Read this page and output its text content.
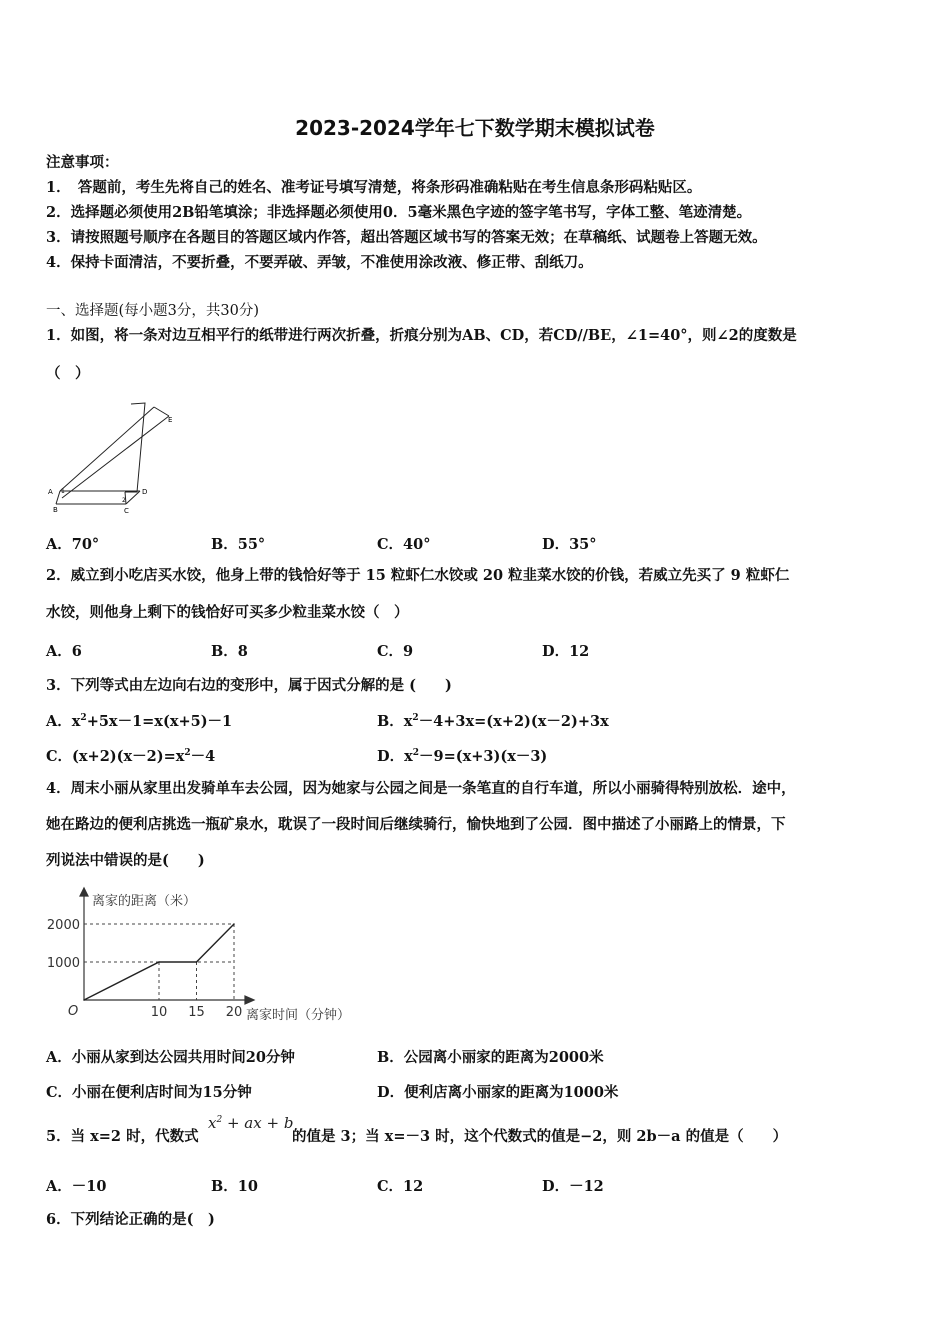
2023-2024学年七下数学期末模拟试卷
注意事项：
1．　答题前，考生先将自己的姓名、准考证号填写清楚，将条形码准确粘贴在考生信息条形码粘贴区。
2．选择题必须使用2B铅笔填涂；非选择题必须使用0．5毫米黑色字迹的签字笔书写，字体工整、笔迹清楚。
3．请按照题号顺序在各题目的答题区域内作答，超出答题区域书写的答案无效；在草稿纸、试题卷上答题无效。
4．保持卡面清洁，不要折叠，不要弄破、弄皱，不准使用涂改液、修正带、刮纸刀。
一、选择题(每小题3分，共30分)
1．如图，将一条对边互相平行的纸带进行两次折叠，折痕分别为AB、CD，若CD//BE，∠1=40°，则∠2的度数是
（　）
A
B	C
D
E
1
2
A．70°	B．55°	C．40°	D．35°
2．威立到小吃店买水饺，他身上带的钱恰好等于 15 粒虾仁水饺或 20 粒韭菜水饺的价钱，若威立先买了 9 粒虾仁
水饺，则他身上剩下的钱恰好可买多少粒韭菜水饺（　）
A．6	B．8	C．9	D．12
3．下列等式由左边向右边的变形中，属于因式分解的是 (　　)
A．$x^2+5x-1=x(x+5)-1$	B．$x^2-4+3x=(x+2)(x-2)+3x$
C．$(x+2)(x-2)=x^2-4$	D．$x^2-9=(x+3)(x-3)$
4．周末小丽从家里出发骑单车去公园，因为她家与公园之间是一条笔直的自行车道，所以小丽骑得特别放松．途中，
她在路边的便利店挑选一瓶矿泉水，耽误了一段时间后继续骑行，愉快地到了公园．图中描述了小丽路上的情景，下
列说法中错误的是(　　)
1000
2000
10 15 20
离家的距离（米）
离家时间（分钟）
O
A．小丽从家到达公园共用时间20分钟	B．公园离小丽家的距离为2000米
C．小丽在便利店时间为15分钟	D．便利店离小丽家的距离为1000米
5．当 x=2 时，代数式
$x^2$ + ax + b
的值是 3；当 x=－3 时，这个代数式的值是−2，则 2b－a 的值是（　　）
A．－10	B．10	C．12	D．－12
6．下列结论正确的是(　)
